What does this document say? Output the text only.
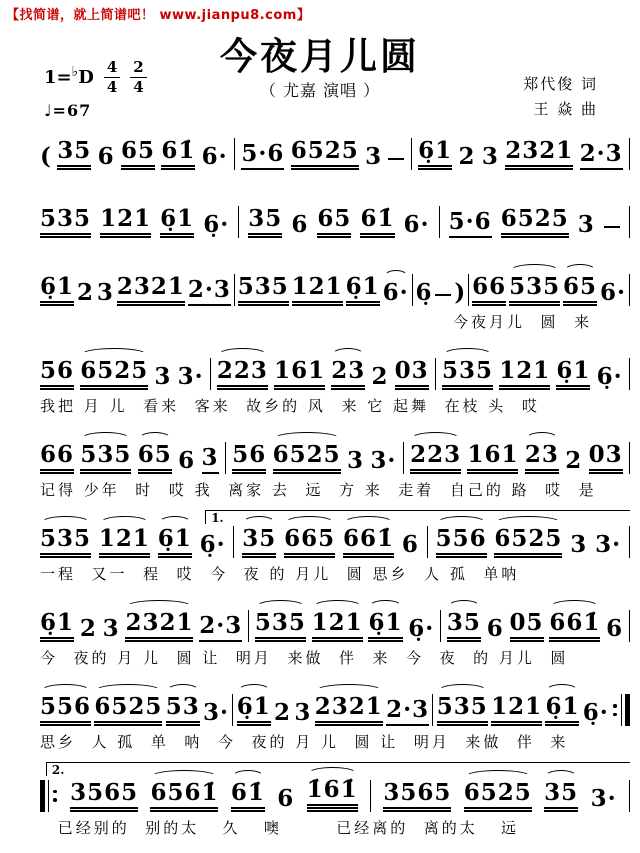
【找简谱，就上简谱吧！ www.jianpu8.com】
今夜月儿圆
（ 尤嘉 演唱 ）	郑代俊 词
王 焱 曲
1= ♭ D $\frac{4}{4} \frac{2}{4}$
♩=67
( 35 6 65 61̇ 6· 5·6 6525 3 6̣1 2 3 2321 2·3
535 121 6̣1 6̣· 35 6 65 61̇ 6· 5·6 6525 3
6̣1 2 3 2321 2·3 535 121 6̣1 6· 6̣ ) 66 535 65 6·
今夜月儿  圆  来
56 6525 3 3· 223 161 23 2 03 535 121 6̣1 6̣·
我把 月 儿  看来  客来  故乡的 风  来 它 起舞  在枝 头  哎
66 535 65 6 3 56 6525 3 3· 223 161 23 2 03
记得 少年  时  哎 我  离家 去  远  方 来  走着  自己的 路  哎  是
1.
535 121 6̣1 6̣· 35 665 661̇ 6 556 6525 3 3·
一程  又一  程  哎  今  夜 的 月儿  圆 思乡  人 孤  单呐
6̣1 2 3 2321 2·3 535 121 6̣1 6̣· 35 6 05 661̇ 6
今  夜的 月 儿  圆 让  明月  来做  伴  来  今  夜  的 月儿  圆
556 6525 53 3· 6̣1 2 3 2321 2·3 535 121 6̣1 6̣·
思乡  人 孤  单  呐  今  夜的 月 儿  圆 让  明月  来做  伴  来
2.
3565 6561̇ 61̇ 6 1̇61̇ 3565 6525 35 3·
已经别的  别的太   久   噢       已经离的  离的太   远
